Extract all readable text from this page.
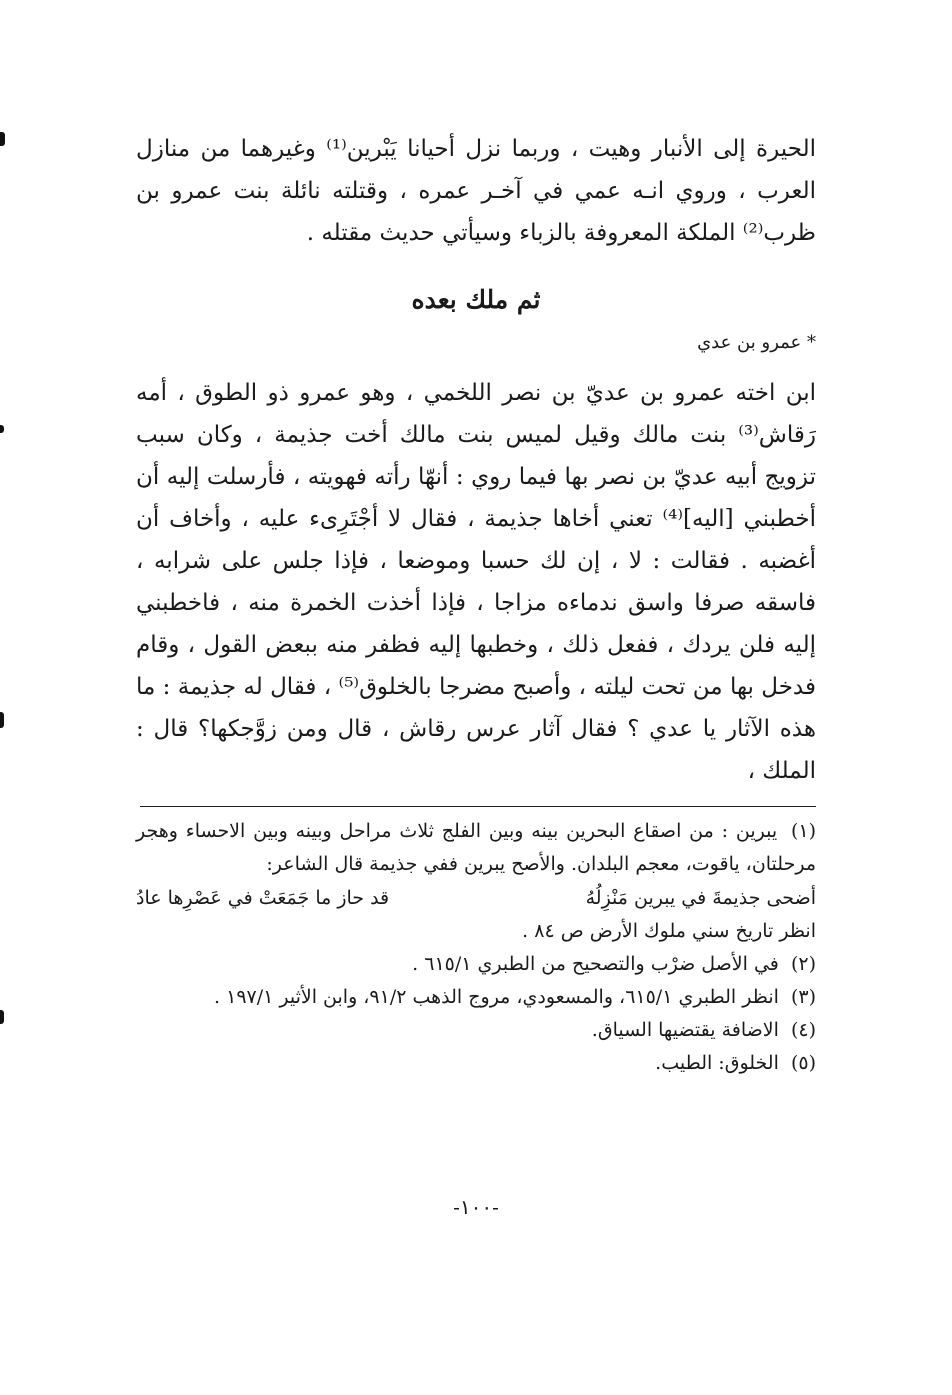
الحيرة إلى الأنبار وهيت ، وربما نزل أحيانا يَبْرين⁽¹⁾ وغيرهما من منازل العرب ، وروي انـه عمي في آخـر عمره ، وقتلته نائلة بنت عمرو بن ظرب⁽²⁾ الملكة المعروفة بالزباء وسيأتي حديث مقتله .

ثم ملك بعده
* عمرو بن عدي

ابن اخته عمرو بن عديّ بن نصر اللخمي ، وهو عمرو ذو الطوق ، أمه رَقاش⁽³⁾ بنت مالك وقيل لميس بنت مالك أخت جذيمة ، وكان سبب تزويج أبيه عديّ بن نصر بها فيما روي : أنهّا رأته فهويته ، فأرسلت إليه أن أخطبني [اليه]⁽⁴⁾ تعني أخاها جذيمة ، فقال لا أجْتَرِىء عليه ، وأخاف أن أغضبه . فقالت : لا ، إن لك حسبا وموضعا ، فإذا جلس على شرابه ، فاسقه صرفا واسق ندماءه مزاجا ، فإذا أخذت الخمرة منه ، فاخطبني إليه فلن يردك ، ففعل ذلك ، وخطبها إليه فظفر منه ببعض القول ، وقام فدخل بها من تحت ليلته ، وأصبح مضرجا بالخلوق⁽⁵⁾ ، فقال له جذيمة : ما هذه الآثار يا عدي ؟ فقال آثار عرس رقاش ، قال ومن زوَّجكها؟ قال : الملك ،

(١) يبرين : من اصقاع البحرين بينه وبين الفلج ثلاث مراحل وبينه وبين الاحساء وهجر مرحلتان، ياقوت، معجم البلدان. والأصح يبرين ففي جذيمة قال الشاعر:

أضحى جذيمةَ في يبرين مَنْزِلُهُ
قد حاز ما جَمَعَتْ في عَصْرِها عادُ

انظر تاريخ سني ملوك الأرض ص ٨٤ .

(٢) في الأصل ضرْب والتصحيح من الطبري ٦١٥/١ .

(٣) انظر الطبري ٦١٥/١، والمسعودي، مروج الذهب ٩١/٢، وابن الأثير ١٩٧/١ .

(٤) الاضافة يقتضيها السياق.

(٥) الخلوق: الطيب.

-١٠٠-
